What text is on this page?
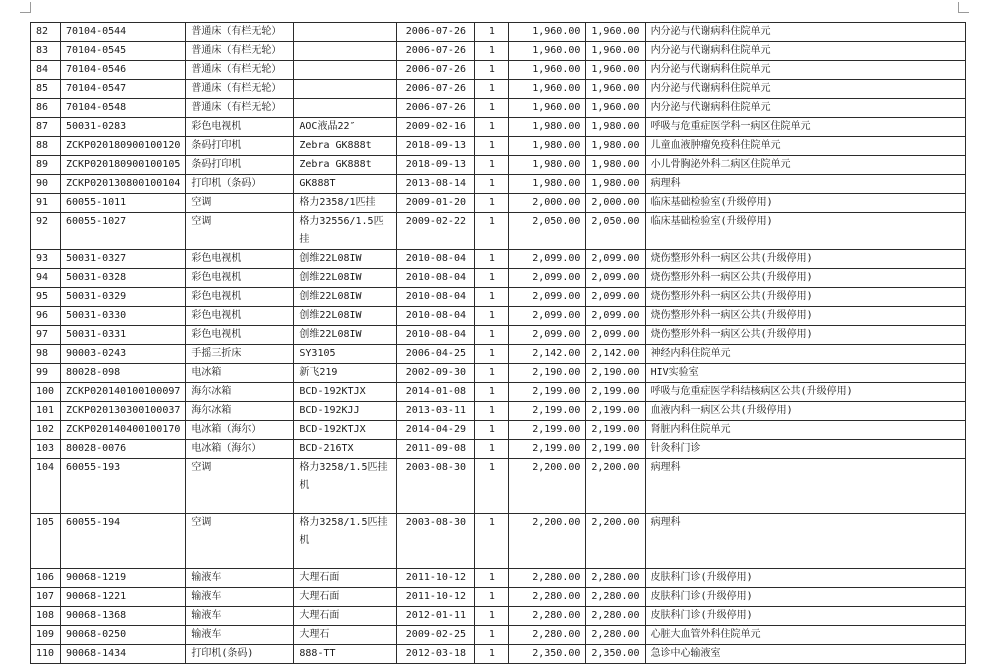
82	70104-0544	普通床（有栏无轮）		2006-07-26	1	1,960.00	1,960.00	内分泌与代谢病科住院单元
83	70104-0545	普通床（有栏无轮）		2006-07-26	1	1,960.00	1,960.00	内分泌与代谢病科住院单元
84	70104-0546	普通床（有栏无轮）		2006-07-26	1	1,960.00	1,960.00	内分泌与代谢病科住院单元
85	70104-0547	普通床（有栏无轮）		2006-07-26	1	1,960.00	1,960.00	内分泌与代谢病科住院单元
86	70104-0548	普通床（有栏无轮）		2006-07-26	1	1,960.00	1,960.00	内分泌与代谢病科住院单元
87	50031-0283	彩色电视机	AOC液晶22″	2009-02-16	1	1,980.00	1,980.00	呼吸与危重症医学科一病区住院单元
88	ZCKP020180900100120	条码打印机	Zebra GK888t	2018-09-13	1	1,980.00	1,980.00	儿童血液肿瘤免疫科住院单元
89	ZCKP020180900100105	条码打印机	Zebra GK888t	2018-09-13	1	1,980.00	1,980.00	小儿骨胸泌外科二病区住院单元
90	ZCKP020130800100104	打印机（条码）	GK888T	2013-08-14	1	1,980.00	1,980.00	病理科
91	60055-1011	空调	格力2358/1匹挂	2009-01-20	1	2,000.00	2,000.00	临床基础检验室(升级停用)
92	60055-1027	空调	格力32556/1.5匹挂	2009-02-22	1	2,050.00	2,050.00	临床基础检验室(升级停用)
93	50031-0327	彩色电视机	创维22L08IW	2010-08-04	1	2,099.00	2,099.00	烧伤整形外科一病区公共(升级停用)
94	50031-0328	彩色电视机	创维22L08IW	2010-08-04	1	2,099.00	2,099.00	烧伤整形外科一病区公共(升级停用)
95	50031-0329	彩色电视机	创维22L08IW	2010-08-04	1	2,099.00	2,099.00	烧伤整形外科一病区公共(升级停用)
96	50031-0330	彩色电视机	创维22L08IW	2010-08-04	1	2,099.00	2,099.00	烧伤整形外科一病区公共(升级停用)
97	50031-0331	彩色电视机	创维22L08IW	2010-08-04	1	2,099.00	2,099.00	烧伤整形外科一病区公共(升级停用)
98	90003-0243	手摇三折床	SY3105	2006-04-25	1	2,142.00	2,142.00	神经内科住院单元
99	80028-098	电冰箱	新飞219	2002-09-30	1	2,190.00	2,190.00	HIV实验室
100	ZCKP020140100100097	海尔冰箱	BCD-192KTJX	2014-01-08	1	2,199.00	2,199.00	呼吸与危重症医学科结核病区公共(升级停用)
101	ZCKP020130300100037	海尔冰箱	BCD-192KJJ	2013-03-11	1	2,199.00	2,199.00	血液内科一病区公共(升级停用)
102	ZCKP020140400100170	电冰箱（海尔）	BCD-192KTJX	2014-04-29	1	2,199.00	2,199.00	肾脏内科住院单元
103	80028-0076	电冰箱（海尔）	BCD-216TX	2011-09-08	1	2,199.00	2,199.00	针灸科门诊
104	60055-193	空调	格力3258/1.5匹挂机	2003-08-30	1	2,200.00	2,200.00	病理科
105	60055-194	空调	格力3258/1.5匹挂机	2003-08-30	1	2,200.00	2,200.00	病理科
106	90068-1219	输液车	大理石面	2011-10-12	1	2,280.00	2,280.00	皮肤科门诊(升级停用)
107	90068-1221	输液车	大理石面	2011-10-12	1	2,280.00	2,280.00	皮肤科门诊(升级停用)
108	90068-1368	输液车	大理石面	2012-01-11	1	2,280.00	2,280.00	皮肤科门诊(升级停用)
109	90068-0250	输液车	大理石	2009-02-25	1	2,280.00	2,280.00	心脏大血管外科住院单元
110	90068-1434	打印机(条码)	888-TT	2012-03-18	1	2,350.00	2,350.00	急诊中心输液室
